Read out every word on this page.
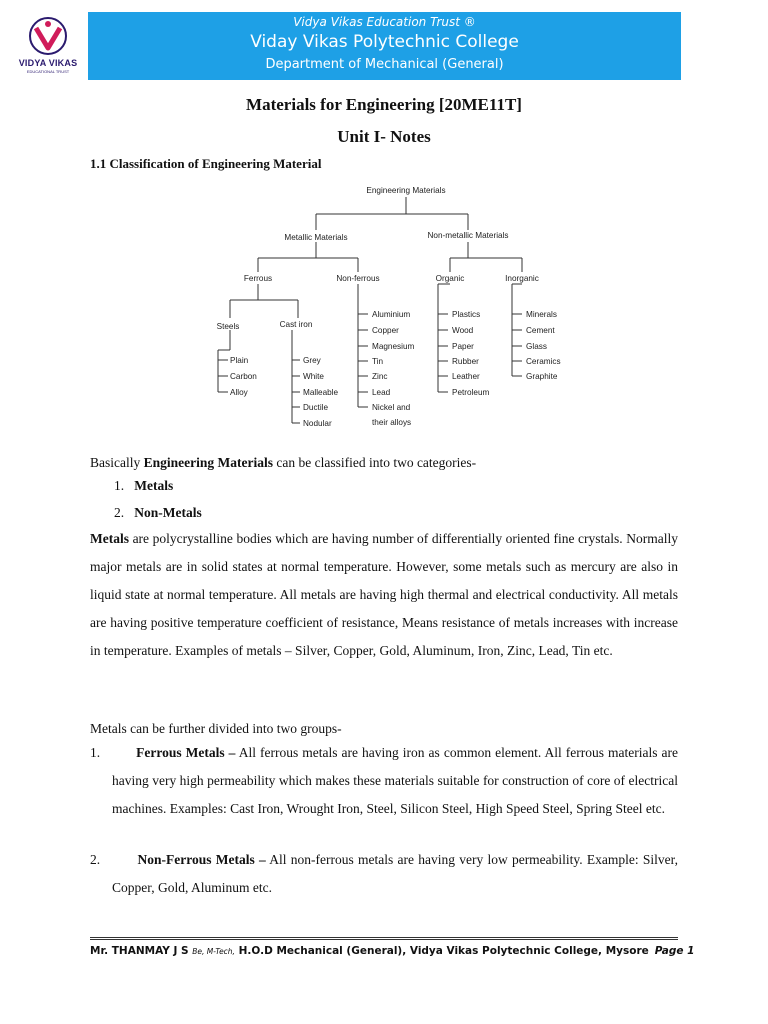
VIDYA VIKAS
EDUCATIONAL TRUST
Vidya Vikas Education Trust ®
Viday Vikas Polytechnic College
Department of Mechanical (General)
Materials for Engineering [20ME11T]
Unit I- Notes
1.1 Classification of Engineering Material
Engineering Materials
Metallic Materials	Non-metallic Materials
Ferrous	Non-ferrous	Organic	Inorganic
Steels	Cast iron
Plain
Carbon
Alloy
Grey
White
Malleable
Ductile
Nodular
Aluminium
Copper
Magnesium
Tin
Zinc
Lead
Nickel and
their alloys
Plastics
Wood
Paper
Rubber
Leather
Petroleum
Minerals
Cement
Glass
Ceramics
Graphite
Basically Engineering Materials can be classified into two categories-
1. Metals
2. Non-Metals
Metals are polycrystalline bodies which are having number of differentially oriented fine crystals. Normally major metals are in solid states at normal temperature. However, some metals such as mercury are also in liquid state at normal temperature. All metals are having high thermal and electrical conductivity. All metals are having positive temperature coefficient of resistance, Means resistance of metals increases with increase in temperature. Examples of metals – Silver, Copper, Gold, Aluminum, Iron, Zinc, Lead, Tin etc.
Metals can be further divided into two groups-
1.	Ferrous Metals – All ferrous metals are having iron as common element. All ferrous materials are having very high permeability which makes these materials suitable for construction of core of electrical machines. Examples: Cast Iron, Wrought Iron, Steel, Silicon Steel, High Speed Steel, Spring Steel etc.
2.	Non-Ferrous Metals – All non-ferrous metals are having very low permeability. Example: Silver, Copper, Gold, Aluminum etc.
Mr. THANMAY J S Be, M-Tech, H.O.D Mechanical (General), Vidya Vikas Polytechnic College, Mysore Page 1
